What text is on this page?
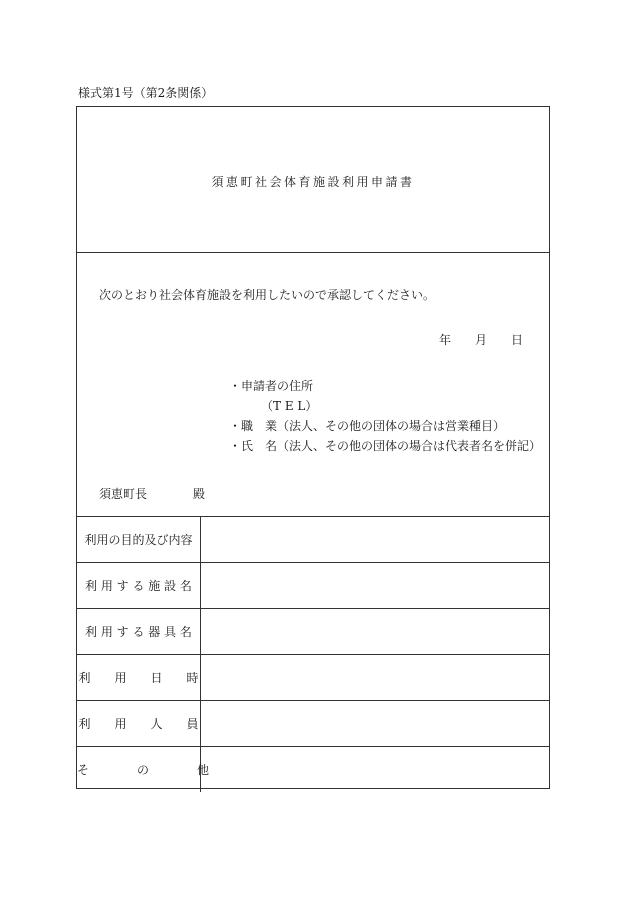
様式第1号（第2条関係）
須恵町社会体育施設利用申請書
次のとおり社会体育施設を利用したいので承認してください。
年 月 日
・申請者の住所
（T E L）
・職　業（法人、その他の団体の場合は営業種目）
・氏　名（法人、その他の団体の場合は代表者名を併記）
須恵町長	殿
利用の目的及び内容	
利 用 す る 施 設 名	
利 用 す る 器 具 名	
利　　用　　日　　時	
利　　用　　人　　員	
そ　　　　の　　　　他	
